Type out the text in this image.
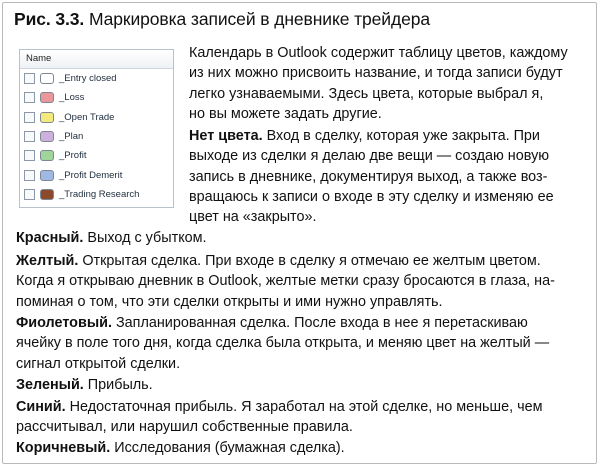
Рис. 3.3. Маркировка записей в дневнике трейдера
Name
_Entry closed
_Loss
_Open Trade
_Plan
_Profit
_Profit Demerit
_Trading Research

Календарь в Outlook содержит таблицу цветов, каждому
из них можно присвоить название, и тогда записи будут
легко узнаваемыми. Здесь цвета, которые выбрал я,
но вы можете задать другие.

Нет цвета. Вход в сделку, которая уже закрыта. При
выходе из сделки я делаю две вещи — создаю новую
запись в дневнике, документируя выход, а также воз-
вращаюсь к записи о входе в эту сделку и изменяю ее
цвет на «закрыто».

Красный. Выход с убытком.

Желтый. Открытая сделка. При входе в сделку я отмечаю ее желтым цветом.
Когда я открываю дневник в Outlook, желтые метки сразу бросаются в глаза, на-
поминая о том, что эти сделки открыты и ими нужно управлять.

Фиолетовый. Запланированная сделка. После входа в нее я перетаскиваю
ячейку в поле того дня, когда сделка была открыта, и меняю цвет на желтый —
сигнал открытой сделки.

Зеленый. Прибыль.

Синий. Недостаточная прибыль. Я заработал на этой сделке, но меньше, чем
рассчитывал, или нарушил собственные правила.

Коричневый. Исследования (бумажная сделка).
